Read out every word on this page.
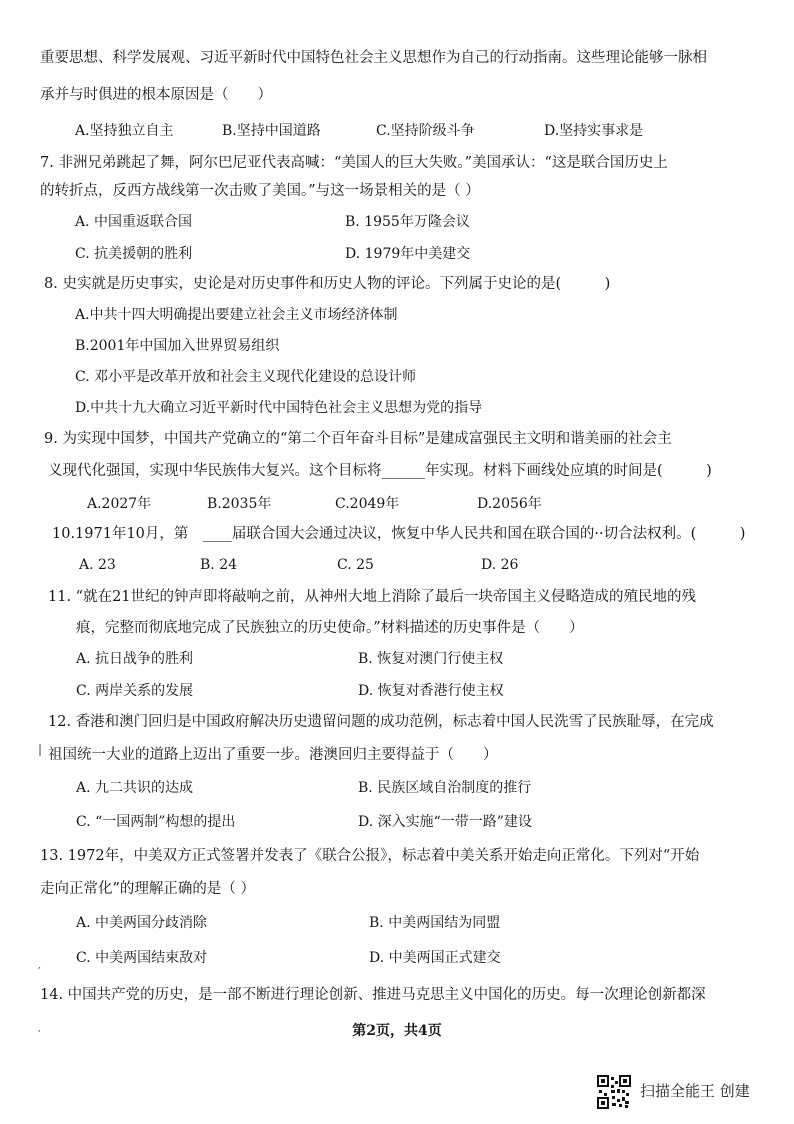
重要思想、科学发展观、习近平新时代中国特色社会主义思想作为自己的行动指南。这些理论能够一脉相
承并与时俱进的根本原因是（　　）
A.坚持独立自主	B.坚持中国道路	C.坚持阶级斗争	D.坚持实事求是
7. 非洲兄弟跳起了舞，阿尔巴尼亚代表高喊：“美国人的巨大失败。”美国承认：“这是联合国历史上
的转折点，反西方战线第一次击败了美国。”与这一场景相关的是（ ）
A. 中国重返联合国	B. 1955年万隆会议
C. 抗美援朝的胜利	D. 1979年中美建交
8. 史实就是历史事实，史论是对历史事件和历史人物的评论。下列属于史论的是(　　　)
A.中共十四大明确提出要建立社会主义市场经济体制
B.2001年中国加入世界贸易组织
C. 邓小平是改革开放和社会主义现代化建设的总设计师
D.中共十九大确立习近平新时代中国特色社会主义思想为党的指导
9. 为实现中国梦，中国共产党确立的“第二个百年奋斗目标”是建成富强民主文明和谐美丽的社会主
义现代化强国，实现中华民族伟大复兴。这个目标将______年实现。材料下画线处应填的时间是(　　　)
A.2027年	B.2035年	C.2049年	D.2056年
10.1971年10月，第　____届联合国大会通过决议，恢复中华人民共和国在联合国的··切合法权利。(　　　)
A. 23	B. 24	C. 25	D. 26
11. “就在21世纪的钟声即将敲响之前，从神州大地上消除了最后一块帝国主义侵略造成的殖民地的残
痕，完整而彻底地完成了民族独立的历史使命。”材料描述的历史事件是（　　）
A. 抗日战争的胜利	B. 恢复对澳门行使主权
C. 两岸关系的发展	D. 恢复对香港行使主权
12. 香港和澳门回归是中国政府解决历史遗留问题的成功范例，标志着中国人民洗雪了民族耻辱，在完成
祖国统一大业的道路上迈出了重要一步。港澳回归主要得益于（　　）
A. 九二共识的达成	B. 民族区域自治制度的推行
C. “一国两制”构想的提出	D. 深入实施“一带一路”建设
13. 1972年，中美双方正式签署并发表了《联合公报》，标志着中美关系开始走向正常化。下列对“开始
走向正常化”的理解正确的是（ ）
A. 中美两国分歧消除	B. 中美两国结为同盟
C. 中美两国结束敌对	D. 中美两国正式建交
14. 中国共产党的历史，是一部不断进行理论创新、推进马克思主义中国化的历史。每一次理论创新都深
|
′
′	第2页，共4页
扫描全能王 创建
